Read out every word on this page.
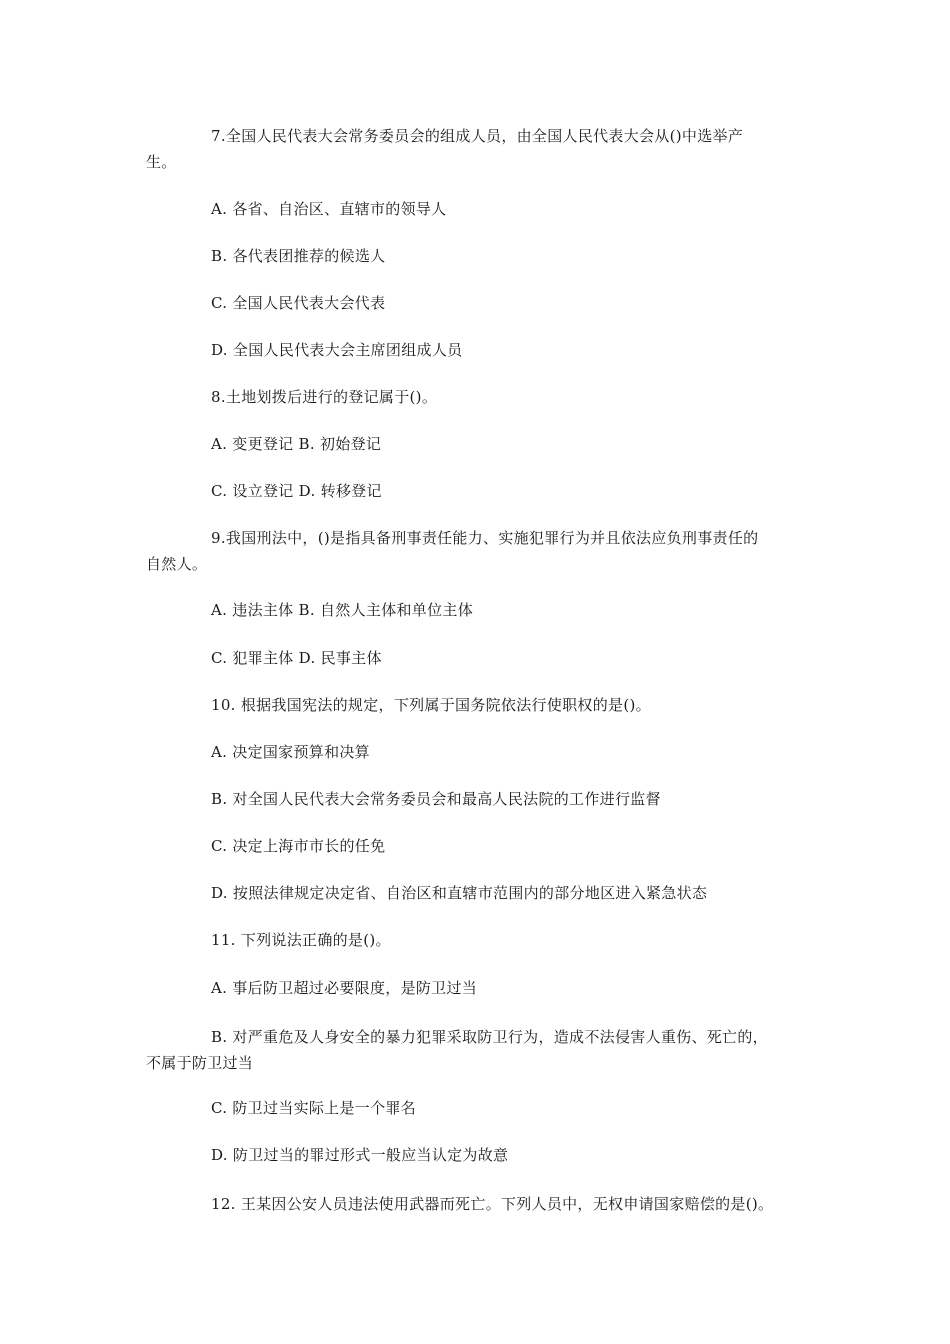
7.全国人民代表大会常务委员会的组成人员，由全国人民代表大会从()中选举产
生。
A. 各省、自治区、直辖市的领导人
B. 各代表团推荐的候选人
C. 全国人民代表大会代表
D. 全国人民代表大会主席团组成人员
8.土地划拨后进行的登记属于()。
A. 变更登记 B. 初始登记
C. 设立登记 D. 转移登记
9.我国刑法中，()是指具备刑事责任能力、实施犯罪行为并且依法应负刑事责任的
自然人。
A. 违法主体 B. 自然人主体和单位主体
C. 犯罪主体 D. 民事主体
10. 根据我国宪法的规定，下列属于国务院依法行使职权的是()。
A. 决定国家预算和决算
B. 对全国人民代表大会常务委员会和最高人民法院的工作进行监督
C. 决定上海市市长的任免
D. 按照法律规定决定省、自治区和直辖市范围内的部分地区进入紧急状态
11. 下列说法正确的是()。
A. 事后防卫超过必要限度，是防卫过当
B. 对严重危及人身安全的暴力犯罪采取防卫行为，造成不法侵害人重伤、死亡的，
不属于防卫过当
C. 防卫过当实际上是一个罪名
D. 防卫过当的罪过形式一般应当认定为故意
12. 王某因公安人员违法使用武器而死亡。下列人员中，无权申请国家赔偿的是()。
